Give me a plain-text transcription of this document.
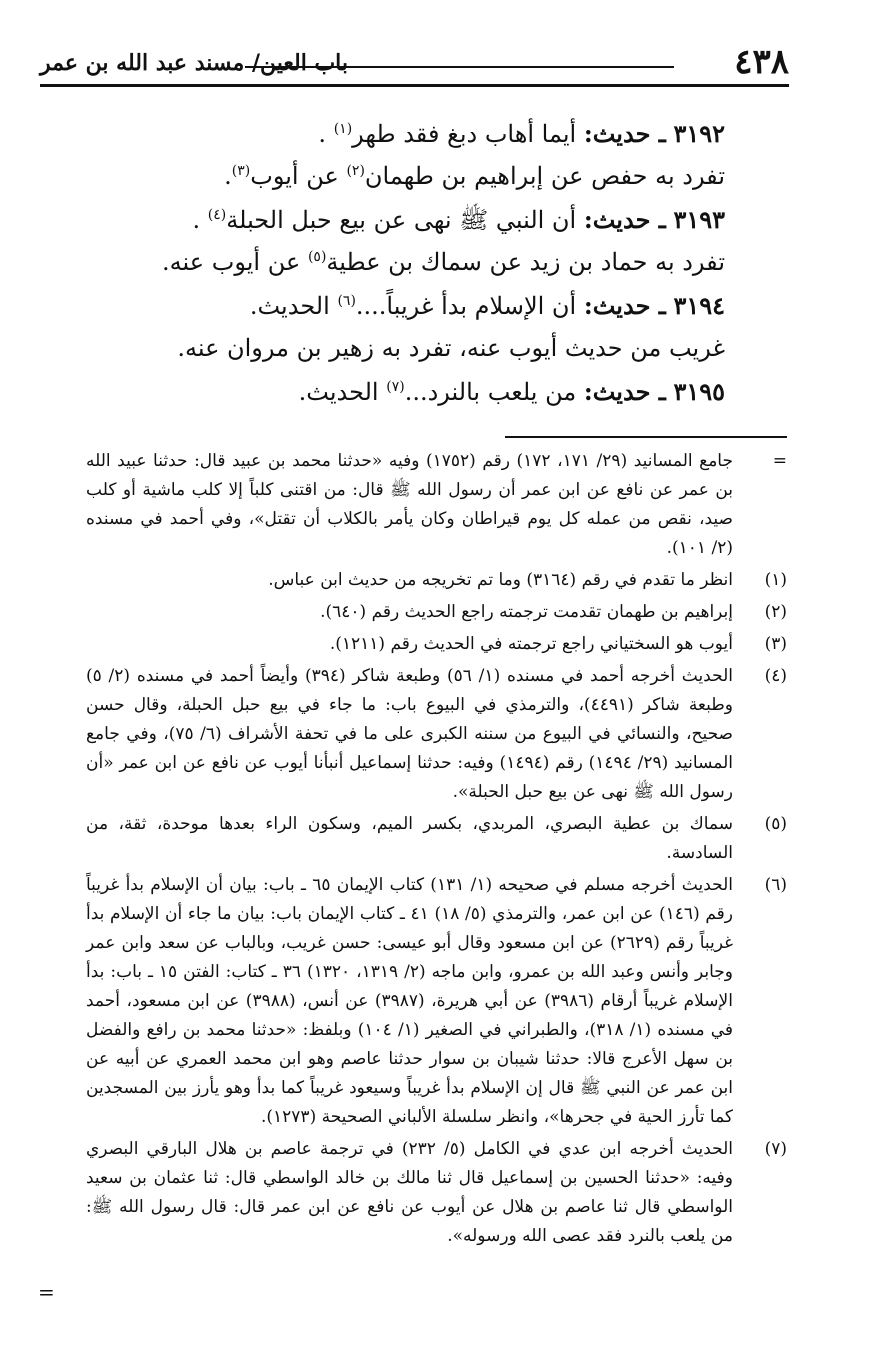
٤٣٨
باب العين/ مسند عبد الله بن عمر
٣١٩٢ ـ حديث: أيما أهاب دبغ فقد طهر$^{(١)}$ .
تفرد به حفص عن إبراهيم بن طهمان$^{(٢)}$ عن أيوب$^{(٣)}$.
٣١٩٣ ـ حديث: أن النبي ﷺ نهى عن بيع حبل الحبلة$^{(٤)}$ .
تفرد به حماد بن زيد عن سماك بن عطية$^{(٥)}$ عن أيوب عنه.
٣١٩٤ ـ حديث: أن الإسلام بدأ غريباً....$^{(٦)}$ الحديث.
غريب من حديث أيوب عنه، تفرد به زهير بن مروان عنه.
٣١٩٥ ـ حديث: من يلعب بالنرد...$^{(٧)}$ الحديث.
=
جامع المسانيد (٢٩/ ١٧١، ١٧٢) رقم (١٧٥٢) وفيه «حدثنا محمد بن عبيد قال: حدثنا عبيد الله بن عمر عن نافع عن ابن عمر أن رسول الله ﷺ قال: من اقتنى كلباً إلا كلب ماشية أو كلب صيد، نقص من عمله كل يوم قيراطان وكان يأمر بالكلاب أن تقتل»، وفي أحمد في مسنده (٢/ ١٠١).
(١)
انظر ما تقدم في رقم (٣١٦٤) وما تم تخريجه من حديث ابن عباس.
(٢)
إبراهيم بن طهمان تقدمت ترجمته راجع الحديث رقم (٦٤٠).
(٣)
أيوب هو السختياني راجع ترجمته في الحديث رقم (١٢١١).
(٤)
الحديث أخرجه أحمد في مسنده (١/ ٥٦) وطبعة شاكر (٣٩٤) وأيضاً أحمد في مسنده (٢/ ٥) وطبعة شاكر (٤٤٩١)، والترمذي في البيوع باب: ما جاء في بيع حبل الحبلة، وقال حسن صحيح، والنسائي في البيوع من سننه الكبرى على ما في تحفة الأشراف (٦/ ٧٥)، وفي جامع المسانيد (٢٩/ ١٤٩٤) رقم (١٤٩٤) وفيه: حدثنا إسماعيل أنبأنا أيوب عن نافع عن ابن عمر «أن رسول الله ﷺ نهى عن بيع حبل الحبلة».
(٥)
سماك بن عطية البصري، المربدي، بكسر الميم، وسكون الراء بعدها موحدة، ثقة، من السادسة.
(٦)
الحديث أخرجه مسلم في صحيحه (١/ ١٣١) كتاب الإيمان ٦٥ ـ باب: بيان أن الإسلام بدأ غريباً رقم (١٤٦) عن ابن عمر، والترمذي (٥/ ١٨) ٤١ ـ كتاب الإيمان باب: بيان ما جاء أن الإسلام بدأ غريباً رقم (٢٦٢٩) عن ابن مسعود وقال أبو عيسى: حسن غريب، وبالباب عن سعد وابن عمر وجابر وأنس وعبد الله بن عمرو، وابن ماجه (٢/ ١٣١٩، ١٣٢٠) ٣٦ ـ كتاب: الفتن ١٥ ـ باب: بدأ الإسلام غريباً أرقام (٣٩٨٦) عن أبي هريرة، (٣٩٨٧) عن أنس، (٣٩٨٨) عن ابن مسعود، أحمد في مسنده (١/ ٣١٨)، والطبراني في الصغير (١/ ١٠٤) وبلفظ: «حدثنا محمد بن رافع والفضل بن سهل الأعرج قالا: حدثنا شيبان بن سوار حدثنا عاصم وهو ابن محمد العمري عن أبيه عن ابن عمر عن النبي ﷺ قال إن الإسلام بدأ غريباً وسيعود غريباً كما بدأ وهو يأرز بين المسجدين كما تأرز الحية في جحرها»، وانظر سلسلة الألباني الصحيحة (١٢٧٣).
(٧)
الحديث أخرجه ابن عدي في الكامل (٥/ ٢٣٢) في ترجمة عاصم بن هلال البارقي البصري وفيه: «حدثنا الحسين بن إسماعيل قال ثنا مالك بن خالد الواسطي قال: ثنا عثمان بن سعيد الواسطي قال ثنا عاصم بن هلال عن أيوب عن نافع عن ابن عمر قال: قال رسول الله ﷺ: من يلعب بالنرد فقد عصى الله ورسوله».
=
